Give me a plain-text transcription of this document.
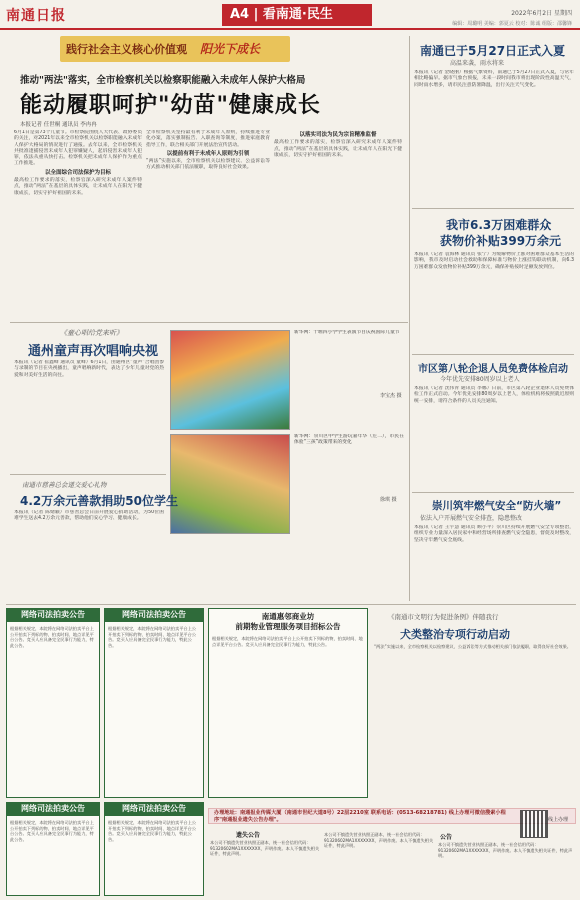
南通日报	A4 | 看南通·民生	2022年6月2日 星期四
编辑：周璐明 美编：郭夏云 校对：陈诚 组版：邵馨锋
践行社会主义核心价值观 阳光下成长
推动"两法"落实，全市检察机关以检察职能融入未成年人保护大格局
能动履职呵护"幼苗"健康成长
本报记者 任世桐 通讯员 李冉冉

6月1日是第73个儿童节。市检察院围绕人大代表、政协委员的关注，对2021年以来全市检察机关以检察职能融入未成年人保护大格局的情况进行了通报。去年以来，全市检察机关共批准逮捕侵害未成年人犯罪嫌疑人，起诉侵害未成年人犯罪，依法从重从快打击。检察机关把未成年人保护作为重点工作推进。

以全面综合司法保护为目标

最高检工作要求的落实，检察官深入研究未成年人案件特点，推动“两法”在基层的具体实践，让未成年人在阳光下健康成长，切实守护好祖国的未来。

全市检察机关坚持最有利于未成年人原则，持续推进专业化办案，落实强制报告、入职查询等制度，推进家庭教育指导工作，联合相关部门开展法治宣传活动。

以提前有利于未成年人原则为引领

“两法”实施以来，全市检察机关以检察建议、公益诉讼等方式推动相关部门依法履职，取得良好社会效果。

以落实司法为民为宗旨精准监督

最高检工作要求的落实，检察官深入研究未成年人案件特点，推动“两法”在基层的具体实践，让未成年人在阳光下健康成长，切实守护好祖国的未来。

南通已于5月27日正式入夏
高温来袭，雨水将来
本报讯（记者 金晓丽）根据气象资料，南通已于5月27日正式入夏，与常年相比略偏早。据市气象台预报，未来一段时间我市将出现阶段性高温天气，同时雨水增多，请市民注意防暑降温，出行关注天气变化。
我市6.3万困难群众
获物价补贴399万余元
本报讯（记者 袁海林 通讯员 张宁）为缓解物价上涨对困难群众基本生活的影响，我市及时启动社会救助和保障标准与物价上涨挂钩联动机制，向6.3万困难群众发放物价补贴399万余元，确保补贴按时足额发放到位。
市区第八轮企退人员免费体检启动
今年优先安排80周岁以上老人
本报讯（记者 沈伟青 通讯员 李娜）日前，市区第八轮企业退休人员免费体检工作正式启动。今年优先安排80周岁以上老人，体检机构将按照就近原则统一安排，请符合条件的人员关注通知。
崇川筑牢燃气安全“防火墙”
依法入户开展燃气安全排查，隐患整改
本报讯（记者 王宇慧 通讯员 顾小平）崇川区持续开展燃气安全专项整治，组织专业力量深入居民家中和经营场所排查燃气安全隐患，督促及时整改，坚决守牢燃气安全底线。
《童心唱给党来听》
通州童声再次唱响央视
本报讯（记者 崔鑫峰 通讯员 童峰）6月1日，由通州区“童声”合唱团参与录制的节目在央视播出，童声唱响新时代，表达了少年儿童对党的热爱和对美好生活的向往。
新华网：十堰四小学学生表演节目庆祝国际儿童节
李宝杰 摄
新华网：崇川区中学生游玩嘉年华（左二），市民在体验“三孩”政策带来的变化
徐琪 摄
南通市慈善总会递交爱心礼物
4.2万余元善款捐助50位学生
本报讯（记者 陈婧颖）市慈善总会日前开展爱心捐助活动，为50位困难学生送去4.2万余元善款，帮助他们安心学习、健康成长。
网络司法拍卖公告
根据相关规定，本院将在网络司法拍卖平台上公开拍卖下列标的物，拍卖时间、地点详见平台公告。竞买人应具备完全民事行为能力，特此公告。
网络司法拍卖公告
根据相关规定，本院将在网络司法拍卖平台上公开拍卖下列标的物，拍卖时间、地点详见平台公告。竞买人应具备完全民事行为能力，特此公告。
南通惠邻商业坊
前期物业管理服务项目招标公告
根据相关规定，本院将在网络司法拍卖平台上公开拍卖下列标的物，拍卖时间、地点详见平台公告。竞买人应具备完全民事行为能力，特此公告。
《南通市文明行为促进条例》伴随我行
犬类整治专项行动启动
“两法”实施以来，全市检察机关以检察建议、公益诉讼等方式推动相关部门依法履职，取得良好社会效果。
网络司法拍卖公告
根据相关规定，本院将在网络司法拍卖平台上公开拍卖下列标的物，拍卖时间、地点详见平台公告。竞买人应具备完全民事行为能力，特此公告。
网络司法拍卖公告
根据相关规定，本院将在网络司法拍卖平台上公开拍卖下列标的物，拍卖时间、地点详见平台公告。竞买人应具备完全民事行为能力，特此公告。
办理地址：南通报业传媒大厦（南通市世纪大道8号）22层2210室 联系电话：(0513-68218781) 线上办理可微信搜索小程序"南通报业遗失公告办理"。	线上办理
遗失公告
本公司不慎遗失营业执照正副本，统一社会信用代码：91320602MA1XXXXXXX，声明作废。本人不慎遗失相关证件，特此声明。
本公司不慎遗失营业执照正副本，统一社会信用代码：91320602MA1XXXXXXX，声明作废。本人不慎遗失相关证件，特此声明。
公告
本公司不慎遗失营业执照正副本，统一社会信用代码：91320602MA1XXXXXXX，声明作废。本人不慎遗失相关证件，特此声明。
